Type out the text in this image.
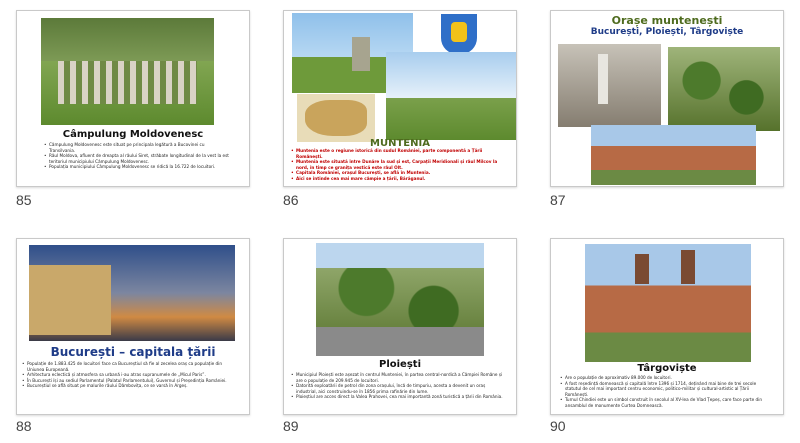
Câmpulung Moldovenesc
• Câmpulung Moldovenesc este situat pe principala legătură a Bucovinei cu Transilvania.
• Râul Moldova, afluent de dreapta al râului Siret, străbate longitudinal de la vest la est teritoriul municipiului Câmpulung Moldovenesc.
• Populația municipiului Câmpulung Moldovenesc se ridică la 16.722 de locuitori.
85
MUNTENIA
• Muntenia este o regiune istorică din sudul României, parte componentă a Țării Românești.
• Muntenia este situată între Dunăre la sud și est, Carpații Meridionali și râul Milcov la nord, în timp ce granița vestică este râul Olt.
• Capitala României, orașul București, se află în Muntenia.
• Aici se întinde cea mai mare câmpie a țării, Bărăganul.
86
Orașe muntenești
București, Ploiești, Târgoviște
87
București – capitala țării
• Populație de 1.883.425 de locuitori face ca Bucureștiul să fie al zecelea oraș ca populație din Uniunea Europeană.
• Arhitectura eclectică și atmosfera sa urbană i-au atras supranumele de „Micul Paris”.
• În București își au sediul Parlamentul (Palatul Parlamentului), Guvernul și Președinția României.
• Bucureștiul se află situat pe malurile râului Dâmbovița, ce se varsă în Argeș.
88
Ploiești
• Municipiul Ploiești este așezat în centrul Munteniei, în partea central-nordică a Câmpiei Române și are o populație de 209.945 de locuitori.
• Datorită exploatării de petrol din zona orașului, încă de timpuriu, acesta a devenit un oraș industrial, aici construindu-se în 1856 prima rafinărie din lume.
• Ploieștiul are acces direct la Valea Prahovei, cea mai importantă zonă turistică a țării din România.
89
Târgoviște
• Are o populație de aproximativ 89.000 de locuitori.
• A fost reședință domnească și capitală între 1396 și 1714, deținând mai bine de trei secole statutul de cel mai important centru economic, politico-militar și cultural-artistic al Țării Românești.
• Turnul Chindiei este un simbol construit în secolul al XV-lea de Vlad Țepeș, care face parte din ansamblul de monumente Curtea Domnească.
90
